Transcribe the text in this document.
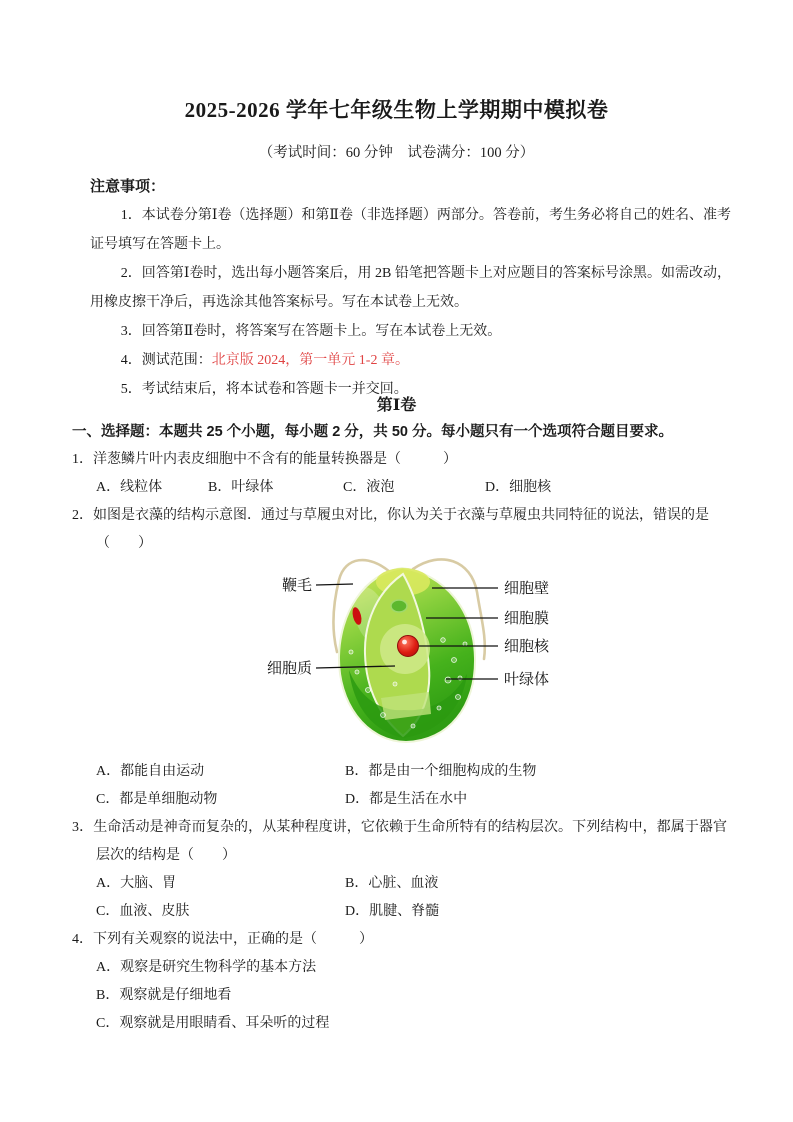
2025-2026 学年七年级生物上学期期中模拟卷
（考试时间：60 分钟　试卷满分：100 分）
注意事项：

1．本试卷分第Ⅰ卷（选择题）和第Ⅱ卷（非选择题）两部分。答卷前，考生务必将自己的姓名、准考证号填写在答题卡上。

2．回答第Ⅰ卷时，选出每小题答案后，用 2B 铅笔把答题卡上对应题目的答案标号涂黑。如需改动，用橡皮擦干净后，再选涂其他答案标号。写在本试卷上无效。

3．回答第Ⅱ卷时，将答案写在答题卡上。写在本试卷上无效。

4．测试范围：北京版 2024，第一单元 1-2 章。

5．考试结束后，将本试卷和答题卡一并交回。

第Ⅰ卷
一、选择题：本题共 25 个小题，每小题 2 分，共 50 分。每小题只有一个选项符合题目要求。
1．洋葱鳞片叶内表皮细胞中不含有的能量转换器是（　　　）
A．线粒体	B．叶绿体	C．液泡	D．细胞核
2．如图是衣藻的结构示意图．通过与草履虫对比，你认为关于衣藻与草履虫共同特征的说法，错误的是
（　　）
鞭毛
细胞质
细胞壁
细胞膜
细胞核
叶绿体
A．都能自由运动	B．都是由一个细胞构成的生物
C．都是单细胞动物	D．都是生活在水中
3．生命活动是神奇而复杂的，从某种程度讲，它依赖于生命所特有的结构层次。下列结构中，都属于器官层次的结构是（　　）
A．大脑、胃	B．心脏、血液
C．血液、皮肤	D．肌腱、脊髓
4．下列有关观察的说法中，正确的是（　　　）
A．观察是研究生物科学的基本方法
B．观察就是仔细地看
C．观察就是用眼睛看、耳朵听的过程
